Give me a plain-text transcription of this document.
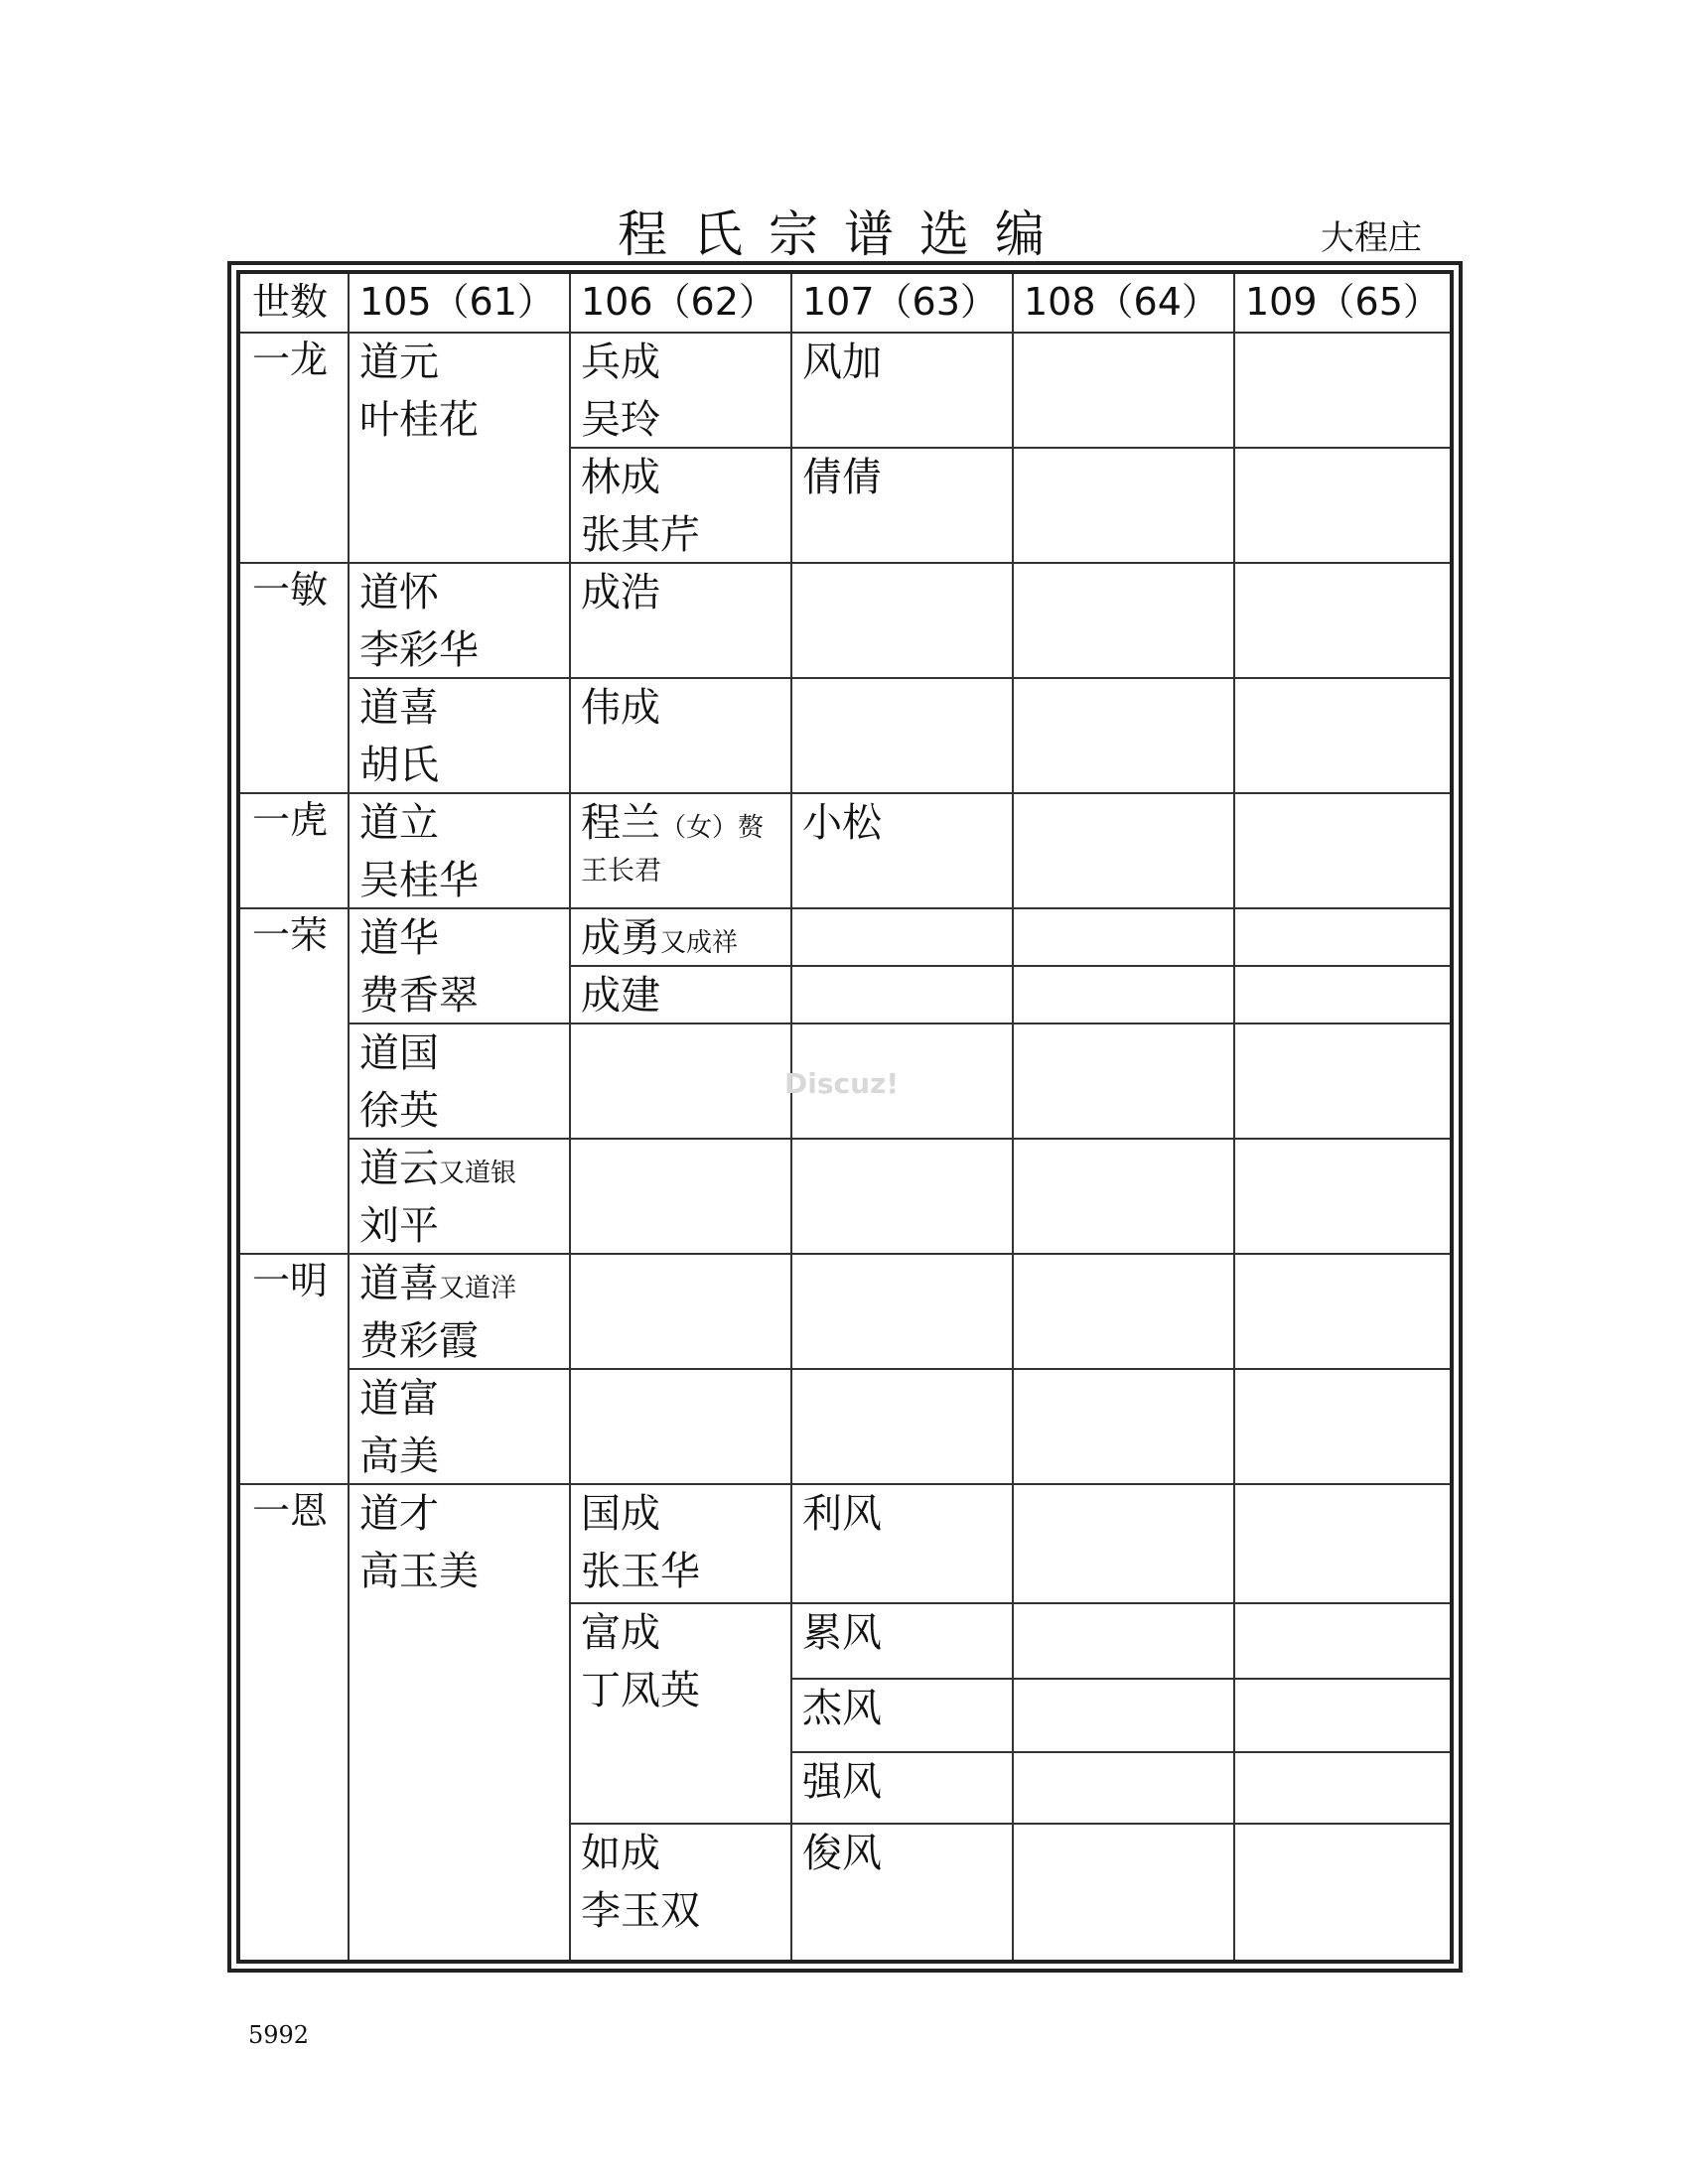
程氏宗谱选编	大程庄
5992
世数 105（61） 106（62） 107（63） 108（64） 109（65）
一龙
一敏
一虎
一荣
一明
一恩
道元
叶桂花
道怀
李彩华
道喜
胡氏
道立
吴桂华
道华
费香翠
道国
徐英
道云又道银
刘平
道喜又道洋
费彩霞
道富
高美
道才
高玉美
兵成
吴玲
林成
张其芹
成浩
伟成
程兰（女）赘
王长君
成勇又成祥
成建
国成
张玉华
富成
丁凤英
如成
李玉双
风加
倩倩
小松
利风
累风
杰风
强风
俊风
Discuz!
